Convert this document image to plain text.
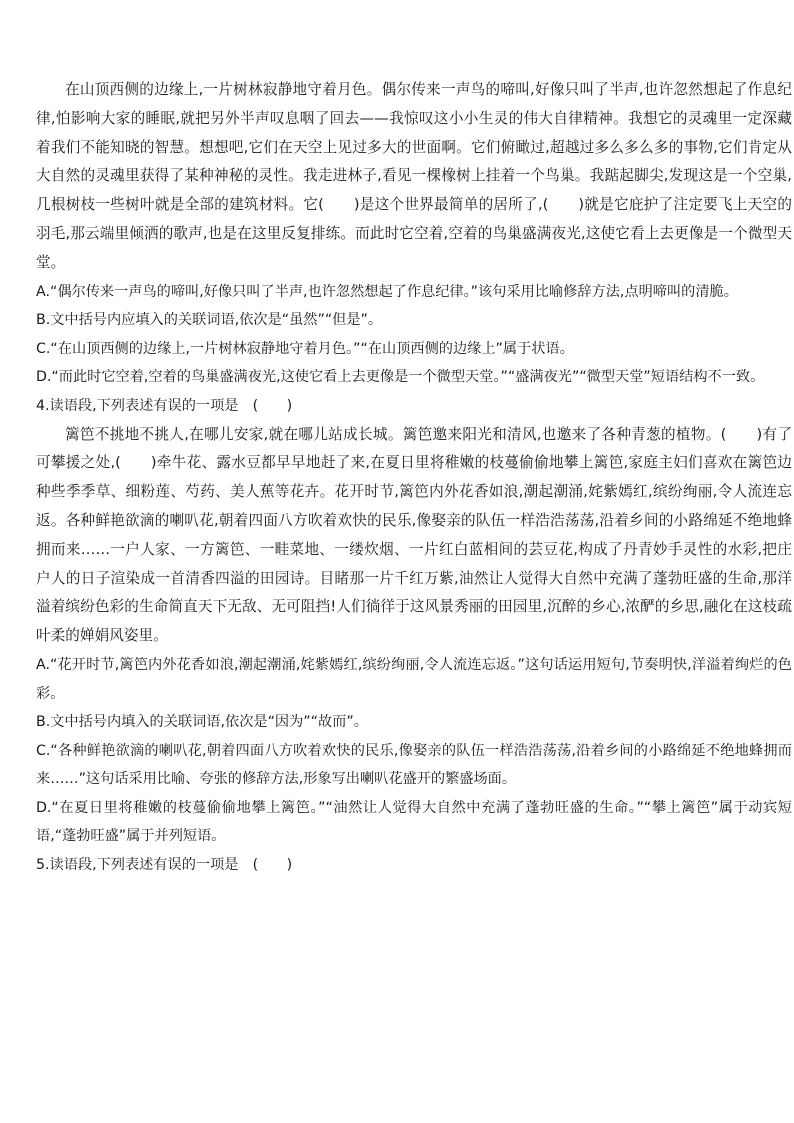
在山顶西侧的边缘上,一片树林寂静地守着月色。偶尔传来一声鸟的啼叫,好像只叫了半声,也许忽然想起了作息纪律,怕影响大家的睡眠,就把另外半声叹息咽了回去——我惊叹这小小生灵的伟大自律精神。我想它的灵魂里一定深藏着我们不能知晓的智慧。想想吧,它们在天空上见过多大的世面啊。它们俯瞰过,超越过多么多么多的事物,它们肯定从大自然的灵魂里获得了某种神秘的灵性。我走进林子,看见一棵橡树上挂着一个鸟巢。我踮起脚尖,发现这是一个空巢,几根树枝一些树叶就是全部的建筑材料。它(　　)是这个世界最简单的居所了,(　　)就是它庇护了注定要飞上天空的羽毛,那云端里倾洒的歌声,也是在这里反复排练。而此时它空着,空着的鸟巢盛满夜光,这使它看上去更像是一个微型天堂。

A.“偶尔传来一声鸟的啼叫,好像只叫了半声,也许忽然想起了作息纪律。”该句采用比喻修辞方法,点明啼叫的清脆。

B.文中括号内应填入的关联词语,依次是“虽然”“但是”。

C.“在山顶西侧的边缘上,一片树林寂静地守着月色。”“在山顶西侧的边缘上”属于状语。

D.“而此时它空着,空着的鸟巢盛满夜光,这使它看上去更像是一个微型天堂。”“盛满夜光”“微型天堂”短语结构不一致。

4.读语段,下列表述有误的一项是　(　　)

篱笆不挑地不挑人,在哪儿安家,就在哪儿站成长城。篱笆邀来阳光和清风,也邀来了各种青葱的植物。(　　)有了可攀援之处,(　　)牵牛花、露水豆都早早地赶了来,在夏日里将稚嫩的枝蔓偷偷地攀上篱笆,家庭主妇们喜欢在篱笆边种些季季草、细粉莲、芍药、美人蕉等花卉。花开时节,篱笆内外花香如浪,潮起潮涌,姹紫嫣红,缤纷绚丽,令人流连忘返。各种鲜艳欲滴的喇叭花,朝着四面八方吹着欢快的民乐,像娶亲的队伍一样浩浩荡荡,沿着乡间的小路绵延不绝地蜂拥而来……一户人家、一方篱笆、一畦菜地、一缕炊烟、一片红白蓝相间的芸豆花,构成了丹青妙手灵性的水彩,把庄户人的日子渲染成一首清香四溢的田园诗。目睹那一片千红万紫,油然让人觉得大自然中充满了蓬勃旺盛的生命,那洋溢着缤纷色彩的生命简直天下无敌、无可阻挡!人们徜徉于这风景秀丽的田园里,沉醉的乡心,浓酽的乡思,融化在这枝疏叶柔的婵娟风姿里。

A.“花开时节,篱笆内外花香如浪,潮起潮涌,姹紫嫣红,缤纷绚丽,令人流连忘返。”这句话运用短句,节奏明快,洋溢着绚烂的色彩。

B.文中括号内填入的关联词语,依次是“因为”“故而”。

C.“各种鲜艳欲滴的喇叭花,朝着四面八方吹着欢快的民乐,像娶亲的队伍一样浩浩荡荡,沿着乡间的小路绵延不绝地蜂拥而来……”这句话采用比喻、夸张的修辞方法,形象写出喇叭花盛开的繁盛场面。

D.“在夏日里将稚嫩的枝蔓偷偷地攀上篱笆。”“油然让人觉得大自然中充满了蓬勃旺盛的生命。”“攀上篱笆”属于动宾短语,“蓬勃旺盛”属于并列短语。

5.读语段,下列表述有误的一项是　(　　)
